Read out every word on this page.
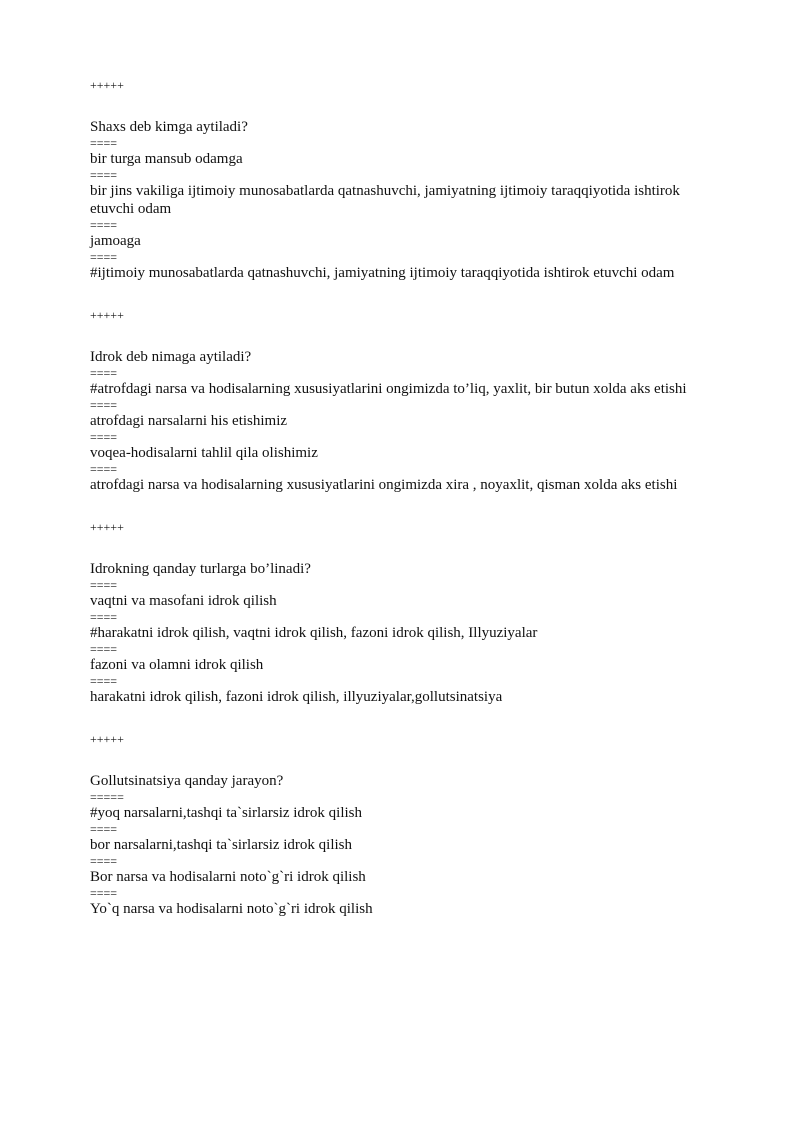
+++++
Shaxs deb kimga aytiladi?
====
bir turga mansub odamga
====
bir jins vakiliga ijtimoiy munosabatlarda qatnashuvchi, jamiyatning ijtimoiy taraqqiyotida ishtirok etuvchi odam
====
jamoaga
====
#ijtimoiy munosabatlarda qatnashuvchi, jamiyatning ijtimoiy taraqqiyotida ishtirok etuvchi odam
+++++
Idrok deb nimaga aytiladi?
====
#atrofdagi narsa va hodisalarning xususiyatlarini ongimizda to’liq, yaxlit, bir butun xolda aks etishi
====
atrofdagi narsalarni his etishimiz
====
voqea-hodisalarni tahlil qila olishimiz
====
atrofdagi narsa va hodisalarning xususiyatlarini ongimizda xira , noyaxlit, qisman xolda aks etishi
+++++
Idrokning qanday turlarga bo’linadi?
====
vaqtni va masofani idrok qilish
====
#harakatni idrok qilish, vaqtni idrok qilish, fazoni idrok qilish, Illyuziyalar
====
fazoni va olamni idrok qilish
====
harakatni idrok qilish, fazoni idrok qilish, illyuziyalar,gollutsinatsiya
+++++
Gollutsinatsiya qanday jarayon?
=====
#yoq narsalarni,tashqi ta`sirlarsiz idrok qilish
====
bor narsalarni,tashqi ta`sirlarsiz idrok qilish
====
Bor narsa va hodisalarni noto`g`ri idrok qilish
====
Yo`q narsa va hodisalarni noto`g`ri idrok qilish
